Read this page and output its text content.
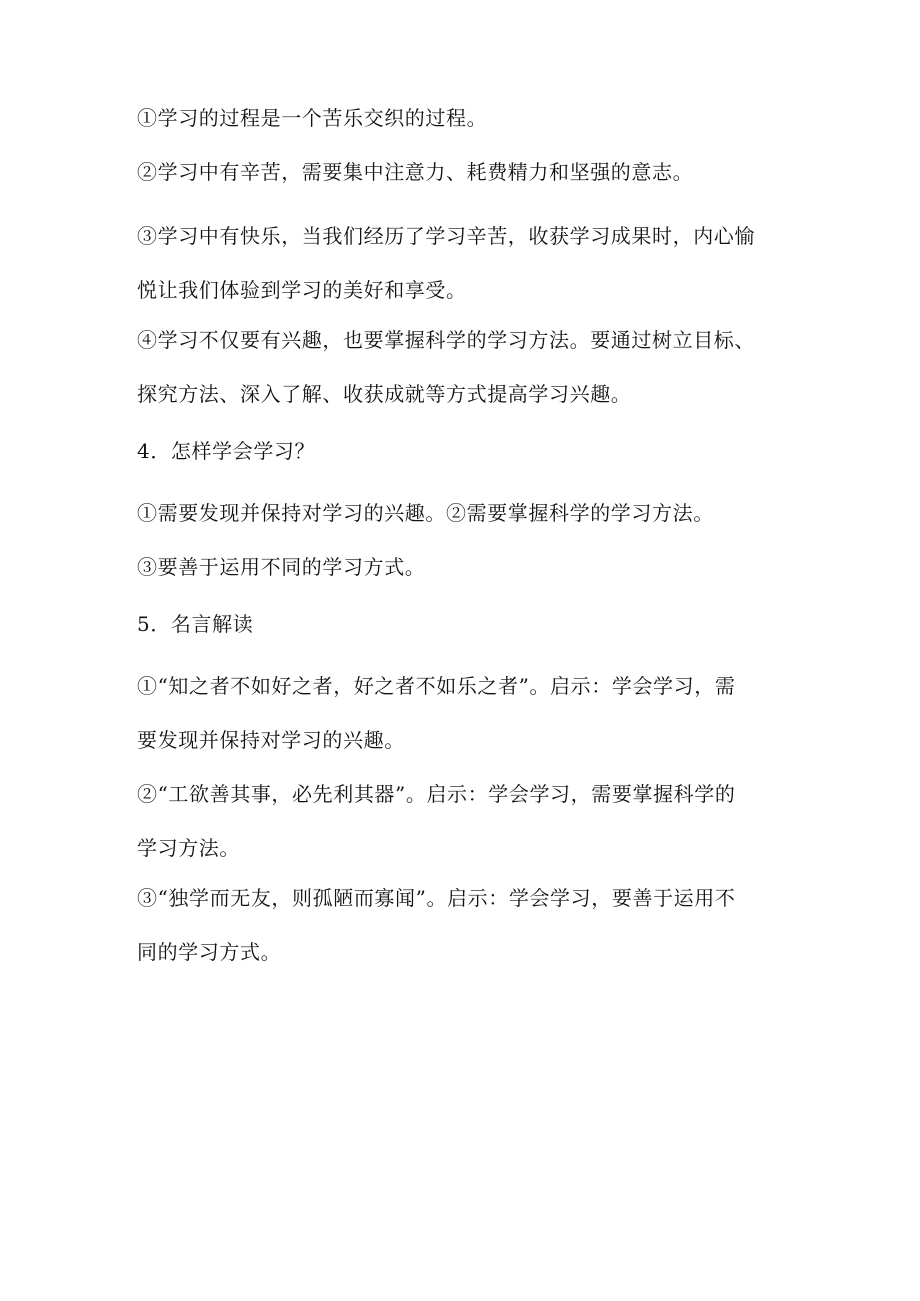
①学习的过程是一个苦乐交织的过程。

②学习中有辛苦，需要集中注意力、耗费精力和坚强的意志。

③学习中有快乐，当我们经历了学习辛苦，收获学习成果时，内心愉
悦让我们体验到学习的美好和享受。

④学习不仅要有兴趣，也要掌握科学的学习方法。要通过树立目标、
探究方法、深入了解、收获成就等方式提高学习兴趣。

4．怎样学会学习？

①需要发现并保持对学习的兴趣。②需要掌握科学的学习方法。
③要善于运用不同的学习方式。

5．名言解读

①“知之者不如好之者，好之者不如乐之者”。启示：学会学习，需
要发现并保持对学习的兴趣。

②“工欲善其事，必先利其器”。启示：学会学习，需要掌握科学的
学习方法。

③“独学而无友，则孤陋而寡闻”。启示：学会学习，要善于运用不
同的学习方式。
